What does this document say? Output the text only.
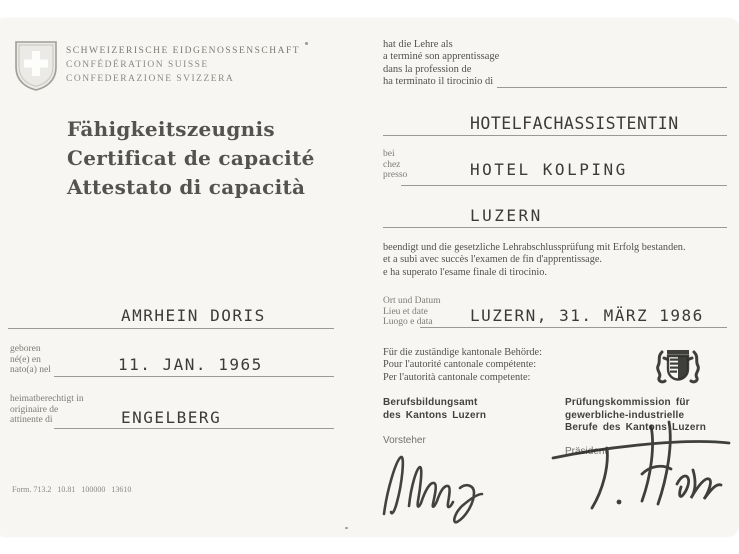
SCHWEIZERISCHE EIDGENOSSENSCHAFT
CONFÉDÉRATION SUISSE
CONFEDERAZIONE SVIZZERA
Fähigkeitszeugnis
Certificat de capacité
Attestato di capacità
AMRHEIN DORIS
geboren
né(e) en
nato(a) nel	11. JAN. 1965
heimatberechtigt in
originaire de
attinente di	ENGELBERG
Form. 713.2   10.81   100000   13610
hat die Lehre als
a terminé son apprentissage
dans la profession de
ha terminato il tirocinio di
HOTELFACHASSISTENTIN
bei
chez
presso	HOTEL KOLPING
LUZERN
beendigt und die gesetzliche Lehrabschlussprüfung mit Erfolg bestanden.
et a subi avec succès l'examen de fin d'apprentissage.
e ha superato l'esame finale di tirocinio.
Ort und Datum
Lieu et date
Luogo e data	LUZERN, 31. MÄRZ 1986
Für die zuständige kantonale Behörde:
Pour l'autorité cantonale compétente:
Per l'autorità cantonale competente:
Berufsbildungsamt
des Kantons Luzern
Vorsteher
Prüfungskommission für
gewerbliche-industrielle
Berufe des Kantons Luzern
Präsident
